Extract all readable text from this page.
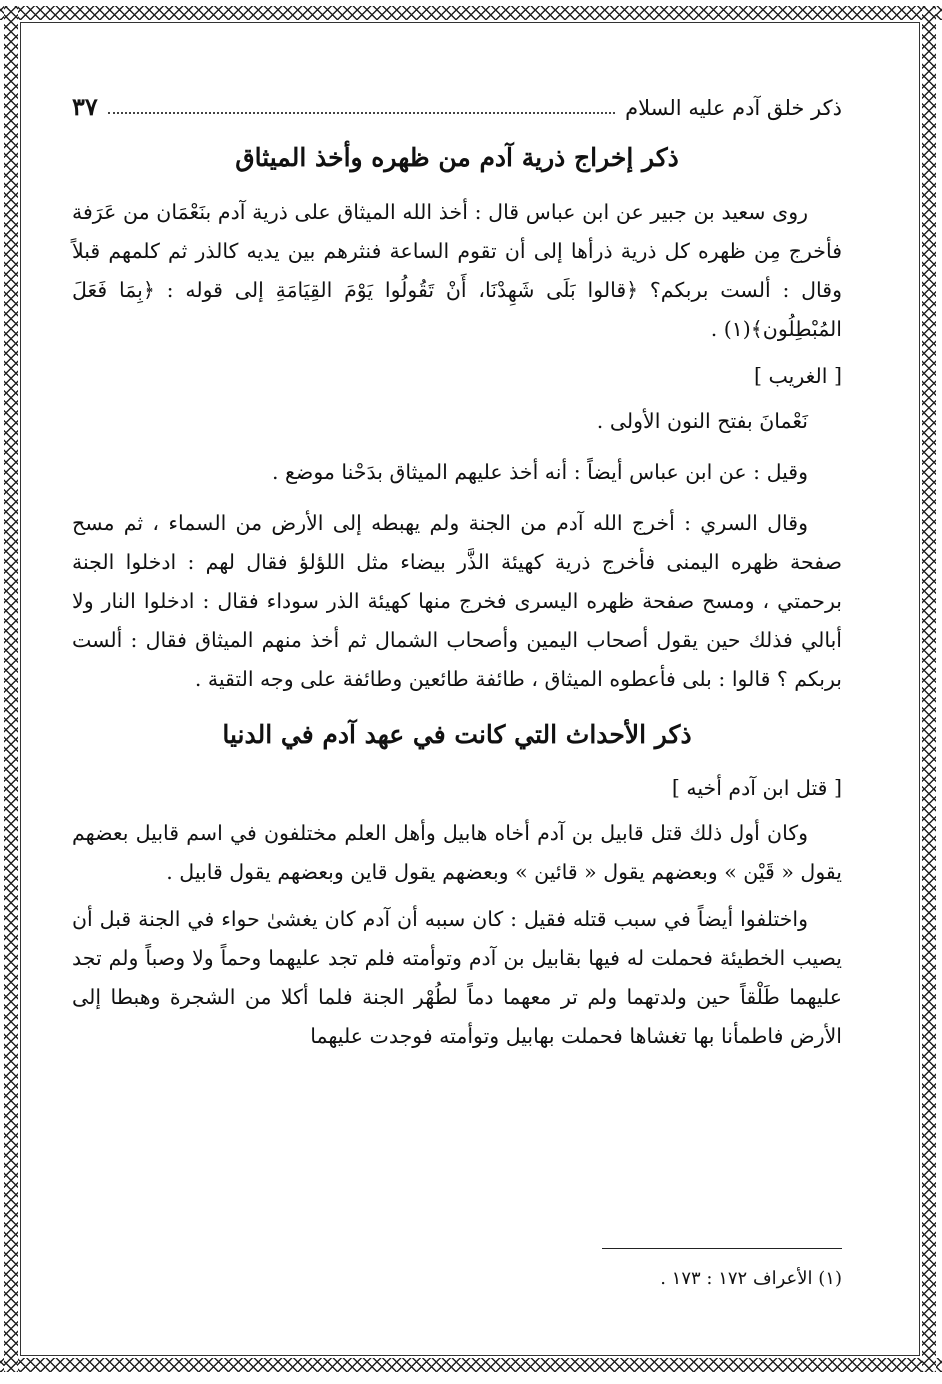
ذكر خلق آدم عليه السلام
٣٧
ذكر إخراج ذرية آدم من ظهره وأخذ الميثاق

روى سعيد بن جبير عن ابن عباس قال : أخذ الله الميثاق على ذرية آدم بنَعْمَان من عَرَفة فأخرج مِن ظهره كل ذرية ذرأها إلى أن تقوم الساعة فنثرهم بين يديه كالذر ثم كلمهم قبلاً وقال : ألست بربكم؟ ﴿قالوا بَلَى شَهِدْنَا، أَنْ تَقُولُوا يَوْمَ القِيَامَةِ إلى قوله : ﴿بِمَا فَعَلَ المُبْطِلُون﴾(١) .

[ الغريب ]

نَعْمانَ بفتح النون الأولى .

وقيل : عن ابن عباس أيضاً : أنه أخذ عليهم الميثاق بدَحْنا موضع .

وقال السري : أخرج الله آدم من الجنة ولم يهبطه إلى الأرض من السماء ، ثم مسح صفحة ظهره اليمنى فأخرج ذرية كهيئة الذَّر بيضاء مثل اللؤلؤ فقال لهم : ادخلوا الجنة برحمتي ، ومسح صفحة ظهره اليسرى فخرج منها كهيئة الذر سوداء فقال : ادخلوا النار ولا أبالي فذلك حين يقول أصحاب اليمين وأصحاب الشمال ثم أخذ منهم الميثاق فقال : ألست بربكم ؟ قالوا : بلى فأعطوه الميثاق ، طائفة طائعين وطائفة على وجه التقية .

ذكر الأحداث التي كانت في عهد آدم في الدنيا

[ قتل ابن آدم أخيه ]

وكان أول ذلك قتل قابيل بن آدم أخاه هابيل وأهل العلم مختلفون في اسم قابيل بعضهم يقول « قَيْن » وبعضهم يقول « قائين » وبعضهم يقول قاين وبعضهم يقول قابيل .

واختلفوا أيضاً في سبب قتله فقيل : كان سببه أن آدم كان يغشىٰ حواء في الجنة قبل أن يصيب الخطيئة فحملت له فيها بقابيل بن آدم وتوأمته فلم تجد عليهما وحماً ولا وصباً ولم تجد عليهما طَلْقاً حين ولدتهما ولم تر معهما دماً لطُهْر الجنة فلما أكلا من الشجرة وهبطا إلى الأرض فاطمأنا بها تغشاها فحملت بهابيل وتوأمته فوجدت عليهما

(١) الأعراف ١٧٢ : ١٧٣ .
